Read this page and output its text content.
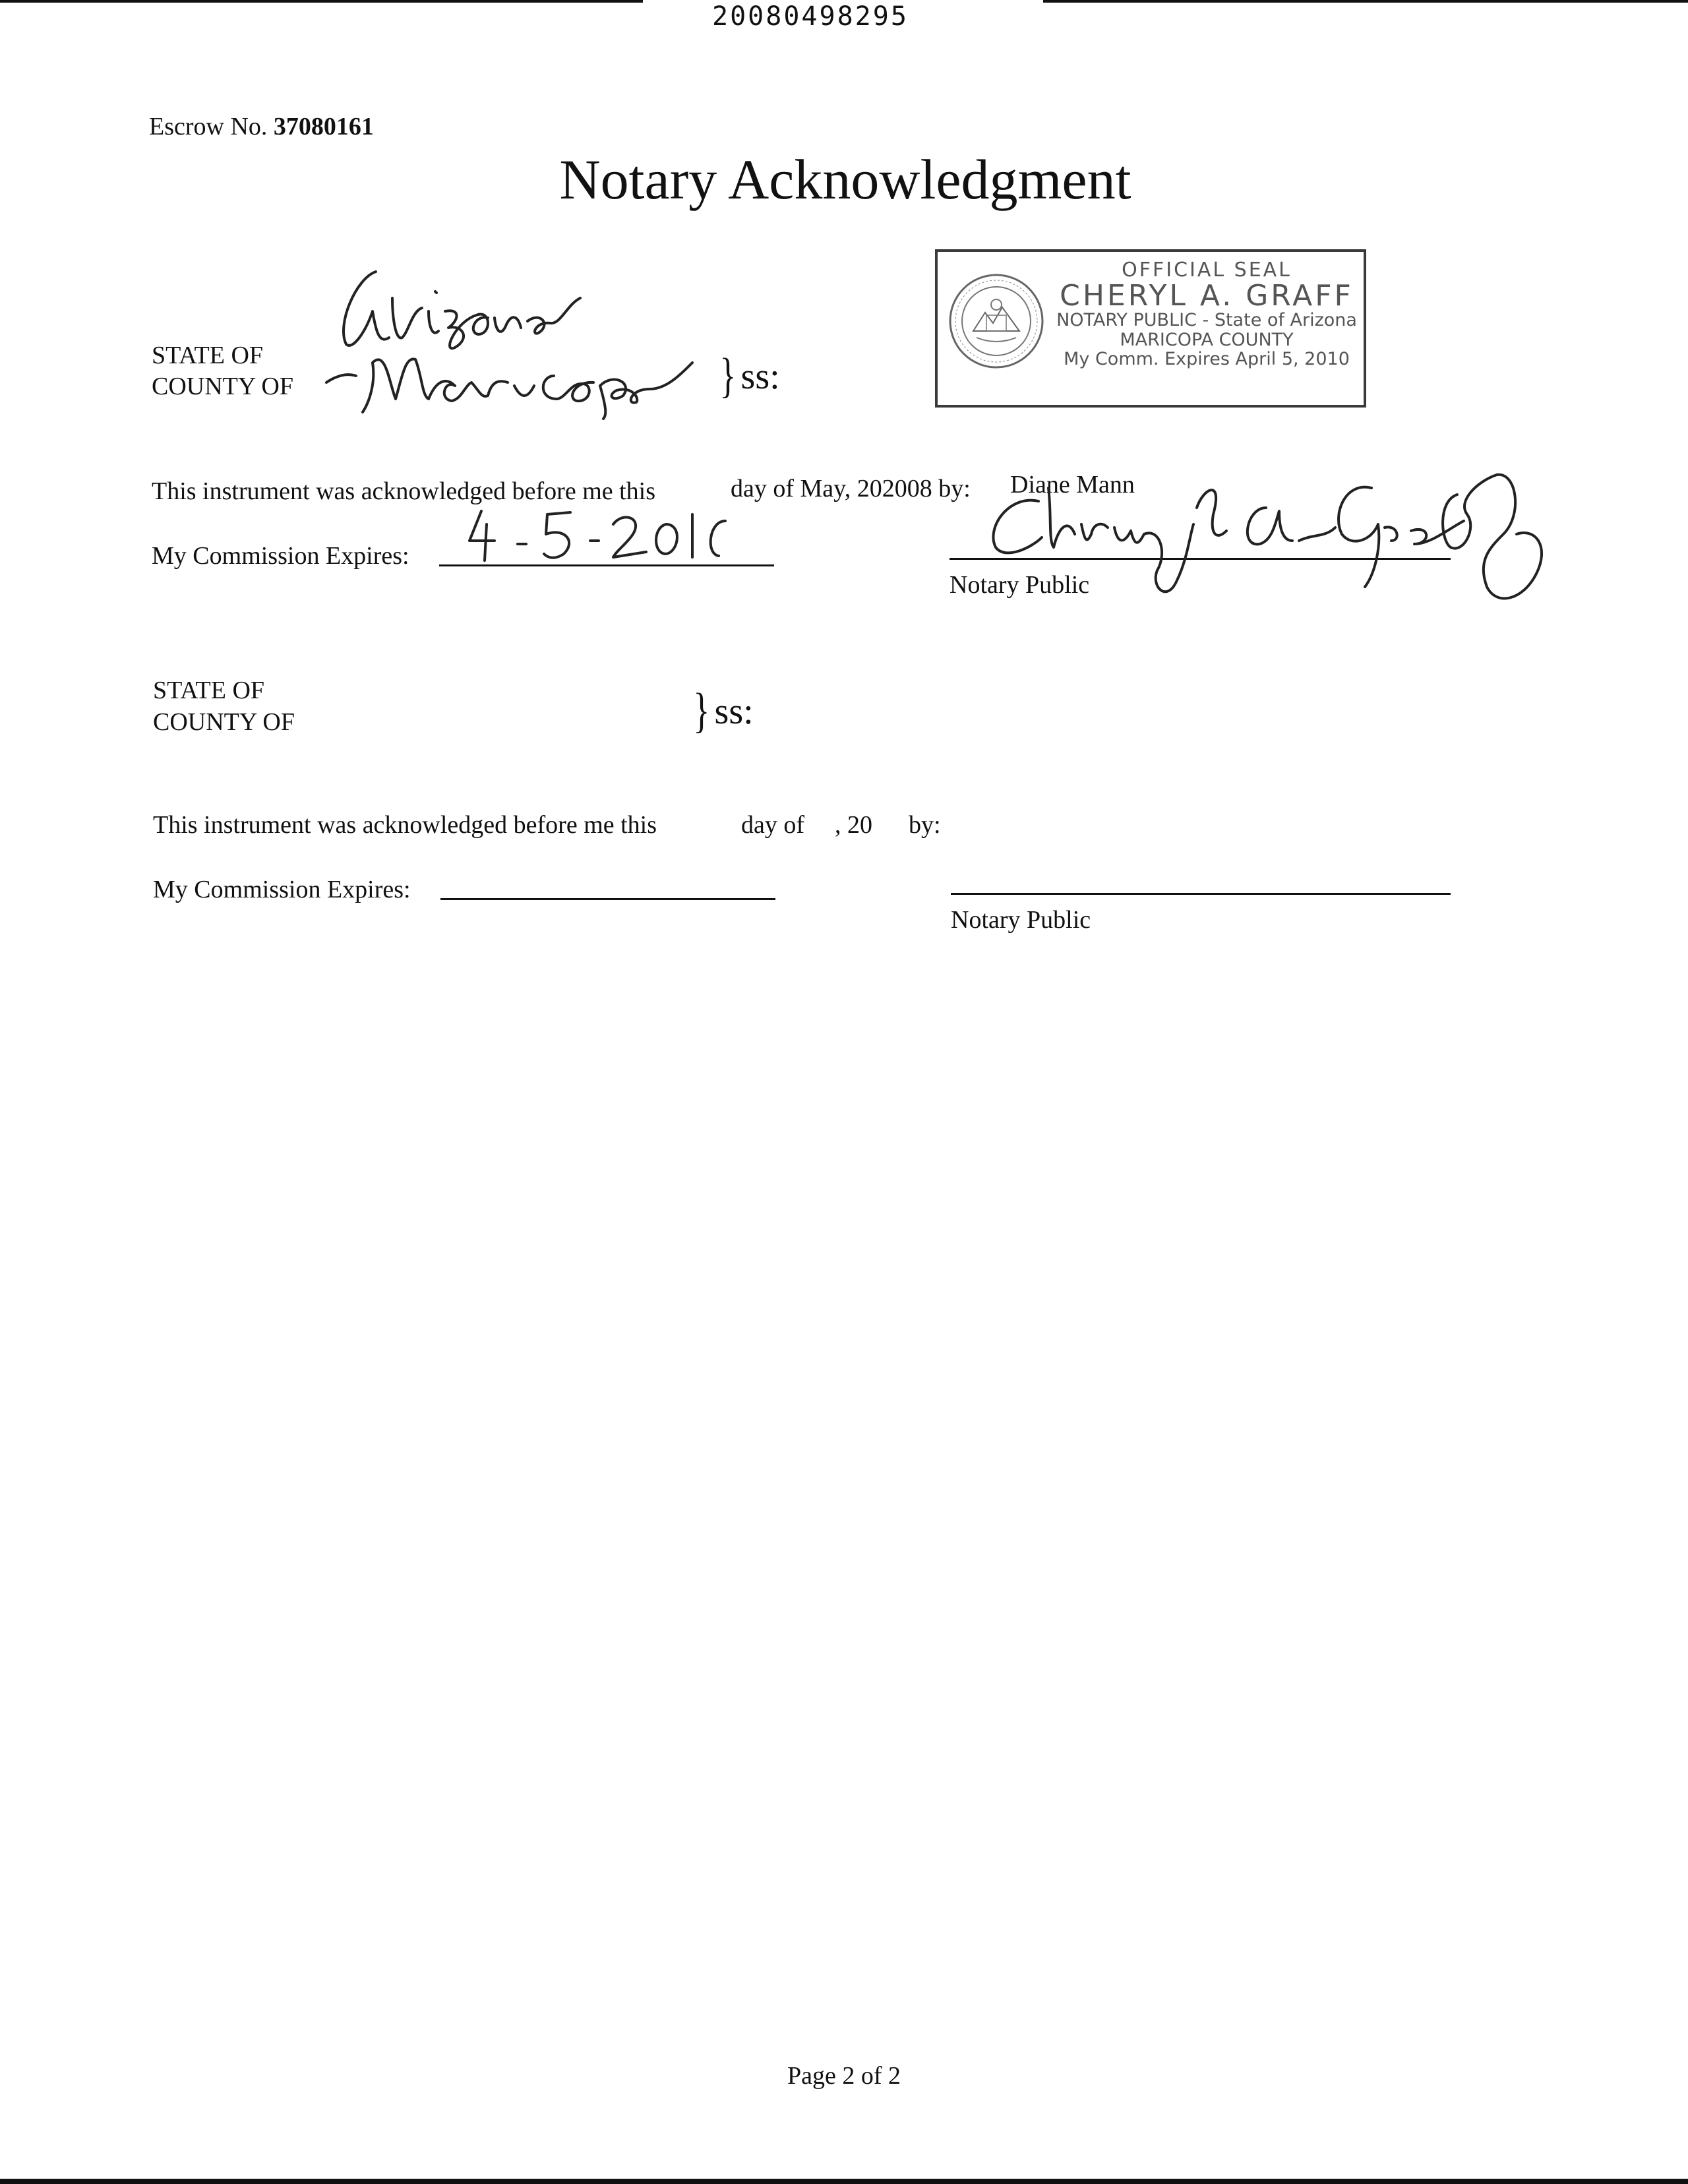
20080498295
Escrow No. 37080161
Notary Acknowledgment
OFFICIAL SEAL
CHERYL A. GRAFF
NOTARY PUBLIC - State of Arizona
MARICOPA COUNTY
My Comm. Expires April 5, 2010
STATE OF
COUNTY OF	} ss:
This instrument was acknowledged before me this	day of May, 202008 by: Diane Mann
My Commission Expires:
Notary Public
STATE OF
COUNTY OF	} ss:
This instrument was acknowledged before me this	day of , 20 by:
My Commission Expires:
Notary Public
Page 2 of 2
